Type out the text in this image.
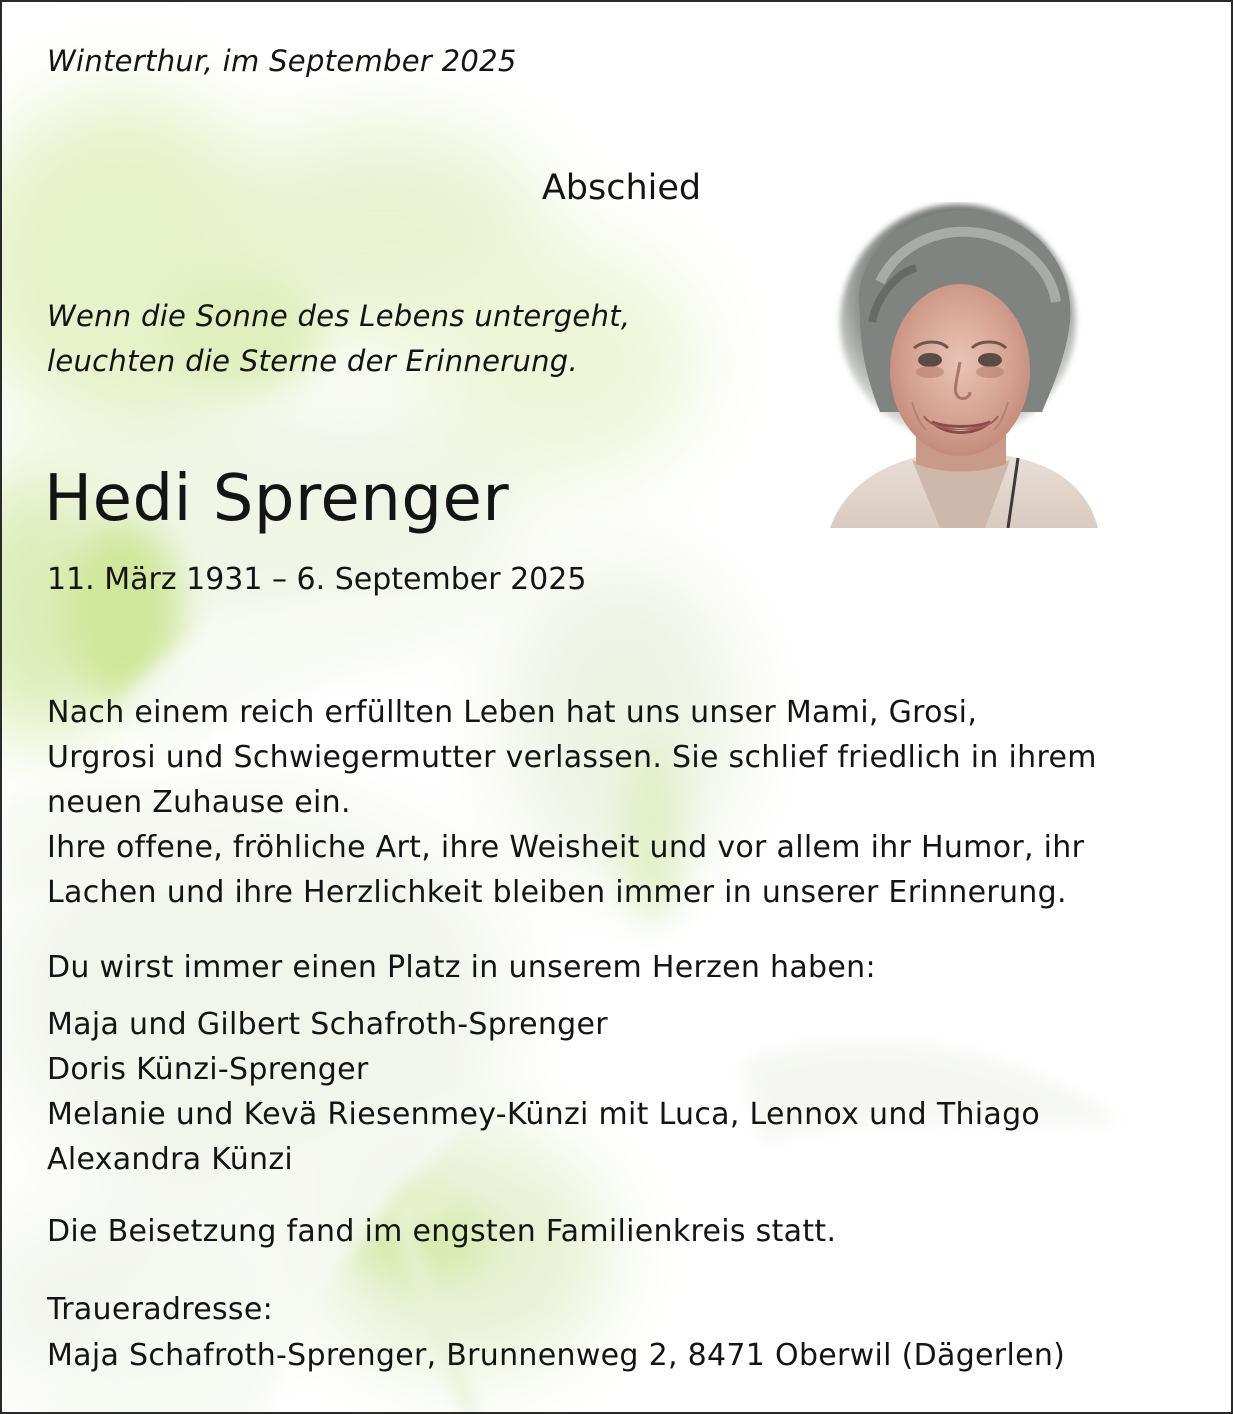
Winterthur, im September 2025

Abschied

Wenn die Sonne des Lebens untergeht,
leuchten die Sterne der Erinnerung.

Hedi Sprenger

11. März 1931 – 6. September 2025

Nach einem reich erfüllten Leben hat uns unser Mami, Grosi,
Urgrosi und Schwiegermutter verlassen. Sie schlief friedlich in ihrem
neuen Zuhause ein.
Ihre offene, fröhliche Art, ihre Weisheit und vor allem ihr Humor, ihr
Lachen und ihre Herzlichkeit bleiben immer in unserer Erinnerung.

Du wirst immer einen Platz in unserem Herzen haben:

Maja und Gilbert Schafroth-Sprenger
Doris Künzi-Sprenger
Melanie und Kevä Riesenmey-Künzi mit Luca, Lennox und Thiago
Alexandra Künzi

Die Beisetzung fand im engsten Familienkreis statt.

Traueradresse:

Maja Schafroth-Sprenger, Brunnenweg 2, 8471 Oberwil (Dägerlen)
